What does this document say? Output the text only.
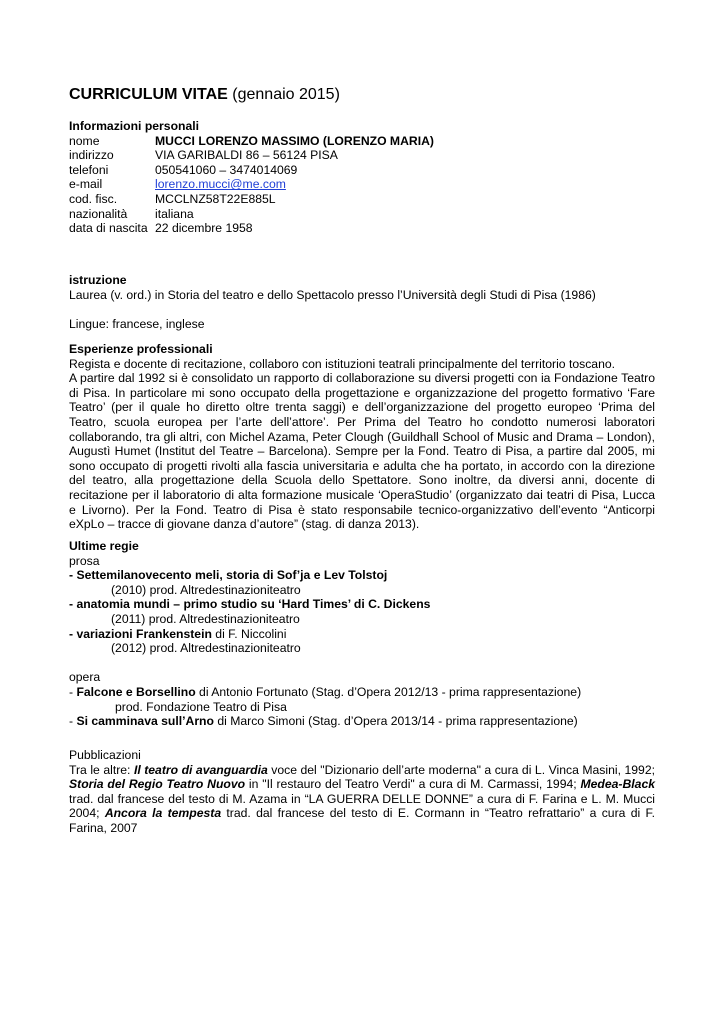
CURRICULUM VITAE (gennaio 2015)
Informazioni personali
nome	MUCCI LORENZO MASSIMO (LORENZO MARIA)
indirizzo	VIA GARIBALDI 86 – 56124 PISA
telefoni	050541060 – 3474014069
e-mail	lorenzo.mucci@me.com
cod. fisc.	MCCLNZ58T22E885L
nazionalità	italiana
data di nascita 22 dicembre 1958
istruzione
Laurea (v. ord.) in Storia del teatro e dello Spettacolo presso l’Università degli Studi di Pisa (1986)
Lingue: francese, inglese
Esperienze professionali
Regista e docente di recitazione, collaboro con istituzioni teatrali principalmente del territorio toscano.
A partire dal 1992 si è consolidato un rapporto di collaborazione su diversi progetti con ia Fondazione Teatro di Pisa. In particolare mi sono occupato della progettazione e organizzazione del progetto formativo ‘Fare Teatro’ (per il quale ho diretto oltre trenta saggi) e dell’organizzazione del progetto europeo ‘Prima del Teatro, scuola europea per l’arte dell’attore’. Per Prima del Teatro ho condotto numerosi laboratori collaborando, tra gli altri, con Michel Azama, Peter Clough (Guildhall School of Music and Drama – London), Augustì Humet (Institut del Teatre – Barcelona). Sempre per la Fond. Teatro di Pisa, a partire dal 2005, mi sono occupato di progetti rivolti alla fascia universitaria e adulta che ha portato, in accordo con la direzione del teatro, alla progettazione della Scuola dello Spettatore. Sono inoltre, da diversi anni, docente di recitazione per il laboratorio di alta formazione musicale ‘OperaStudio’ (organizzato dai teatri di Pisa, Lucca e Livorno). Per la Fond. Teatro di Pisa è stato responsabile tecnico-organizzativo dell’evento “Anticorpi eXpLo – tracce di giovane danza d’autore” (stag. di danza 2013).
Ultime regie
prosa
- Settemilanovecento meli, storia di Sof’ja e Lev Tolstoj
(2010) prod. Altredestinazioniteatro
- anatomia mundi – primo studio su ‘Hard Times’ di C. Dickens
(2011) prod. Altredestinazioniteatro
- variazioni Frankenstein di F. Niccolini
(2012) prod. Altredestinazioniteatro
opera
- Falcone e Borsellino di Antonio Fortunato (Stag. d’Opera 2012/13 - prima rappresentazione)
prod. Fondazione Teatro di Pisa
- Si camminava sull’Arno di Marco Simoni (Stag. d’Opera 2013/14 - prima rappresentazione)
Pubblicazioni
Tra le altre: Il teatro di avanguardia voce del "Dizionario dell’arte moderna" a cura di L. Vinca Masini, 1992; Storia del Regio Teatro Nuovo in "Il restauro del Teatro Verdi" a cura di M. Carmassi, 1994; Medea-Black trad. dal francese del testo di M. Azama in “LA GUERRA DELLE DONNE” a cura di F. Farina e L. M. Mucci 2004; Ancora la tempesta trad. dal francese del testo di E. Cormann in “Teatro refrattario” a cura di F. Farina, 2007
